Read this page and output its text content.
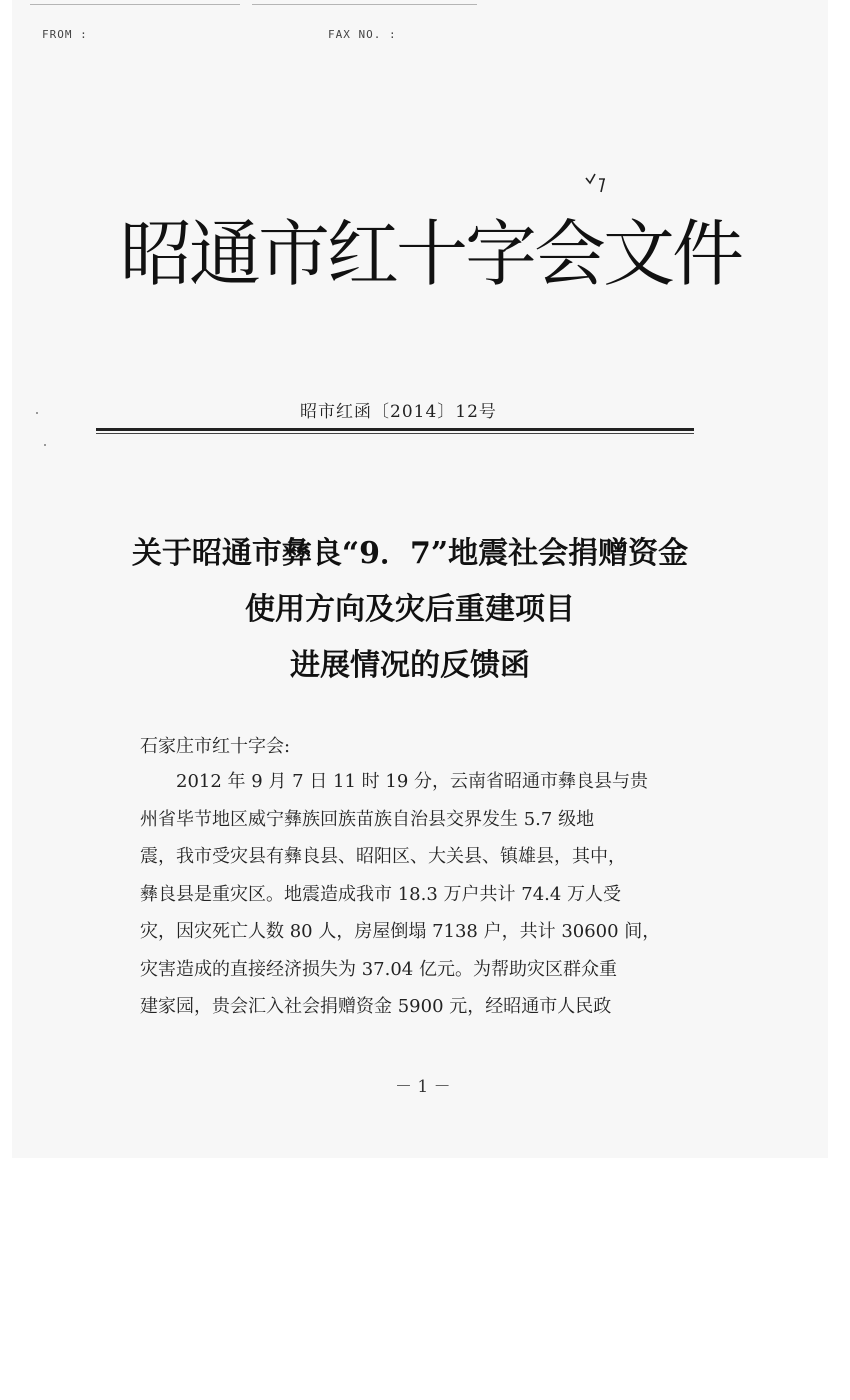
FROM :	FAX NO. :
昭通市红十字会文件
昭市红函〔2014〕12号
关于昭通市彝良“9．7”地震社会捐赠资金
使用方向及灾后重建项目
进展情况的反馈函
石家庄市红十字会:
　　2012 年 9 月 7 日 11 时 19 分，云南省昭通市彝良县与贵
州省毕节地区威宁彝族回族苗族自治县交界发生 5.7 级地
震，我市受灾县有彝良县、昭阳区、大关县、镇雄县，其中，
彝良县是重灾区。地震造成我市 18.3 万户共计 74.4 万人受
灾，因灾死亡人数 80 人，房屋倒塌 7138 户，共计 30600 间，
灾害造成的直接经济损失为 37.04 亿元。为帮助灾区群众重
建家园，贵会汇入社会捐赠资金 5900 元，经昭通市人民政
－ 1 －
